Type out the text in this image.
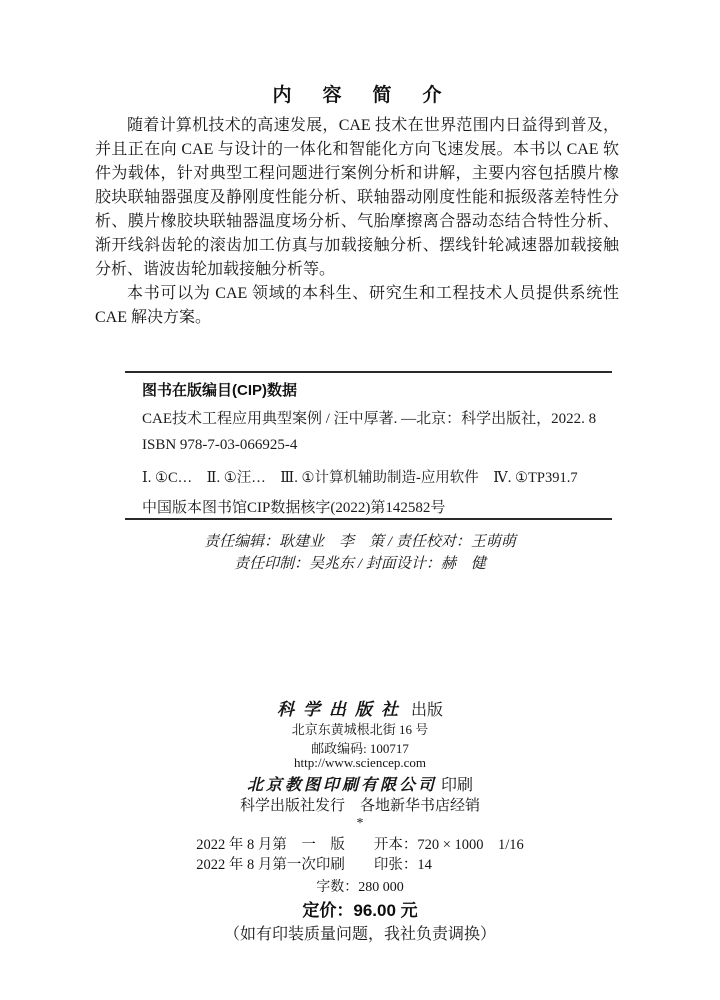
内　容　简　介
随着计算机技术的高速发展，CAE 技术在世界范围内日益得到普及，
并且正在向 CAE 与设计的一体化和智能化方向飞速发展。本书以 CAE 软
件为载体，针对典型工程问题进行案例分析和讲解，主要内容包括膜片橡
胶块联轴器强度及静刚度性能分析、联轴器动刚度性能和振级落差特性分
析、膜片橡胶块联轴器温度场分析、气胎摩擦离合器动态结合特性分析、
渐开线斜齿轮的滚齿加工仿真与加载接触分析、摆线针轮减速器加载接触
分析、谐波齿轮加载接触分析等。
本书可以为 CAE 领域的本科生、研究生和工程技术人员提供系统性
CAE 解决方案。
图书在版编目(CIP)数据
CAE技术工程应用典型案例 / 汪中厚著. —北京：科学出版社，2022. 8
ISBN 978-7-03-066925-4
Ⅰ. ①C…　Ⅱ. ①汪…　Ⅲ. ①计算机辅助制造-应用软件　Ⅳ. ①TP391.7
中国版本图书馆CIP数据核字(2022)第142582号
责任编辑：耿建业　李　策 / 责任校对：王萌萌
责任印制：吴兆东 / 封面设计：赫　健
科学出版社 出版
北京东黄城根北街 16 号
邮政编码: 100717
http://www.sciencep.com
北京教图印刷有限公司 印刷
科学出版社发行　各地新华书店经销
*
2022 年 8 月第　一　版　　开本：720 × 1000　1/16
2022 年 8 月第一次印刷　　印张：14
字数：280 000
定价：96.00 元
（如有印装质量问题，我社负责调换）
